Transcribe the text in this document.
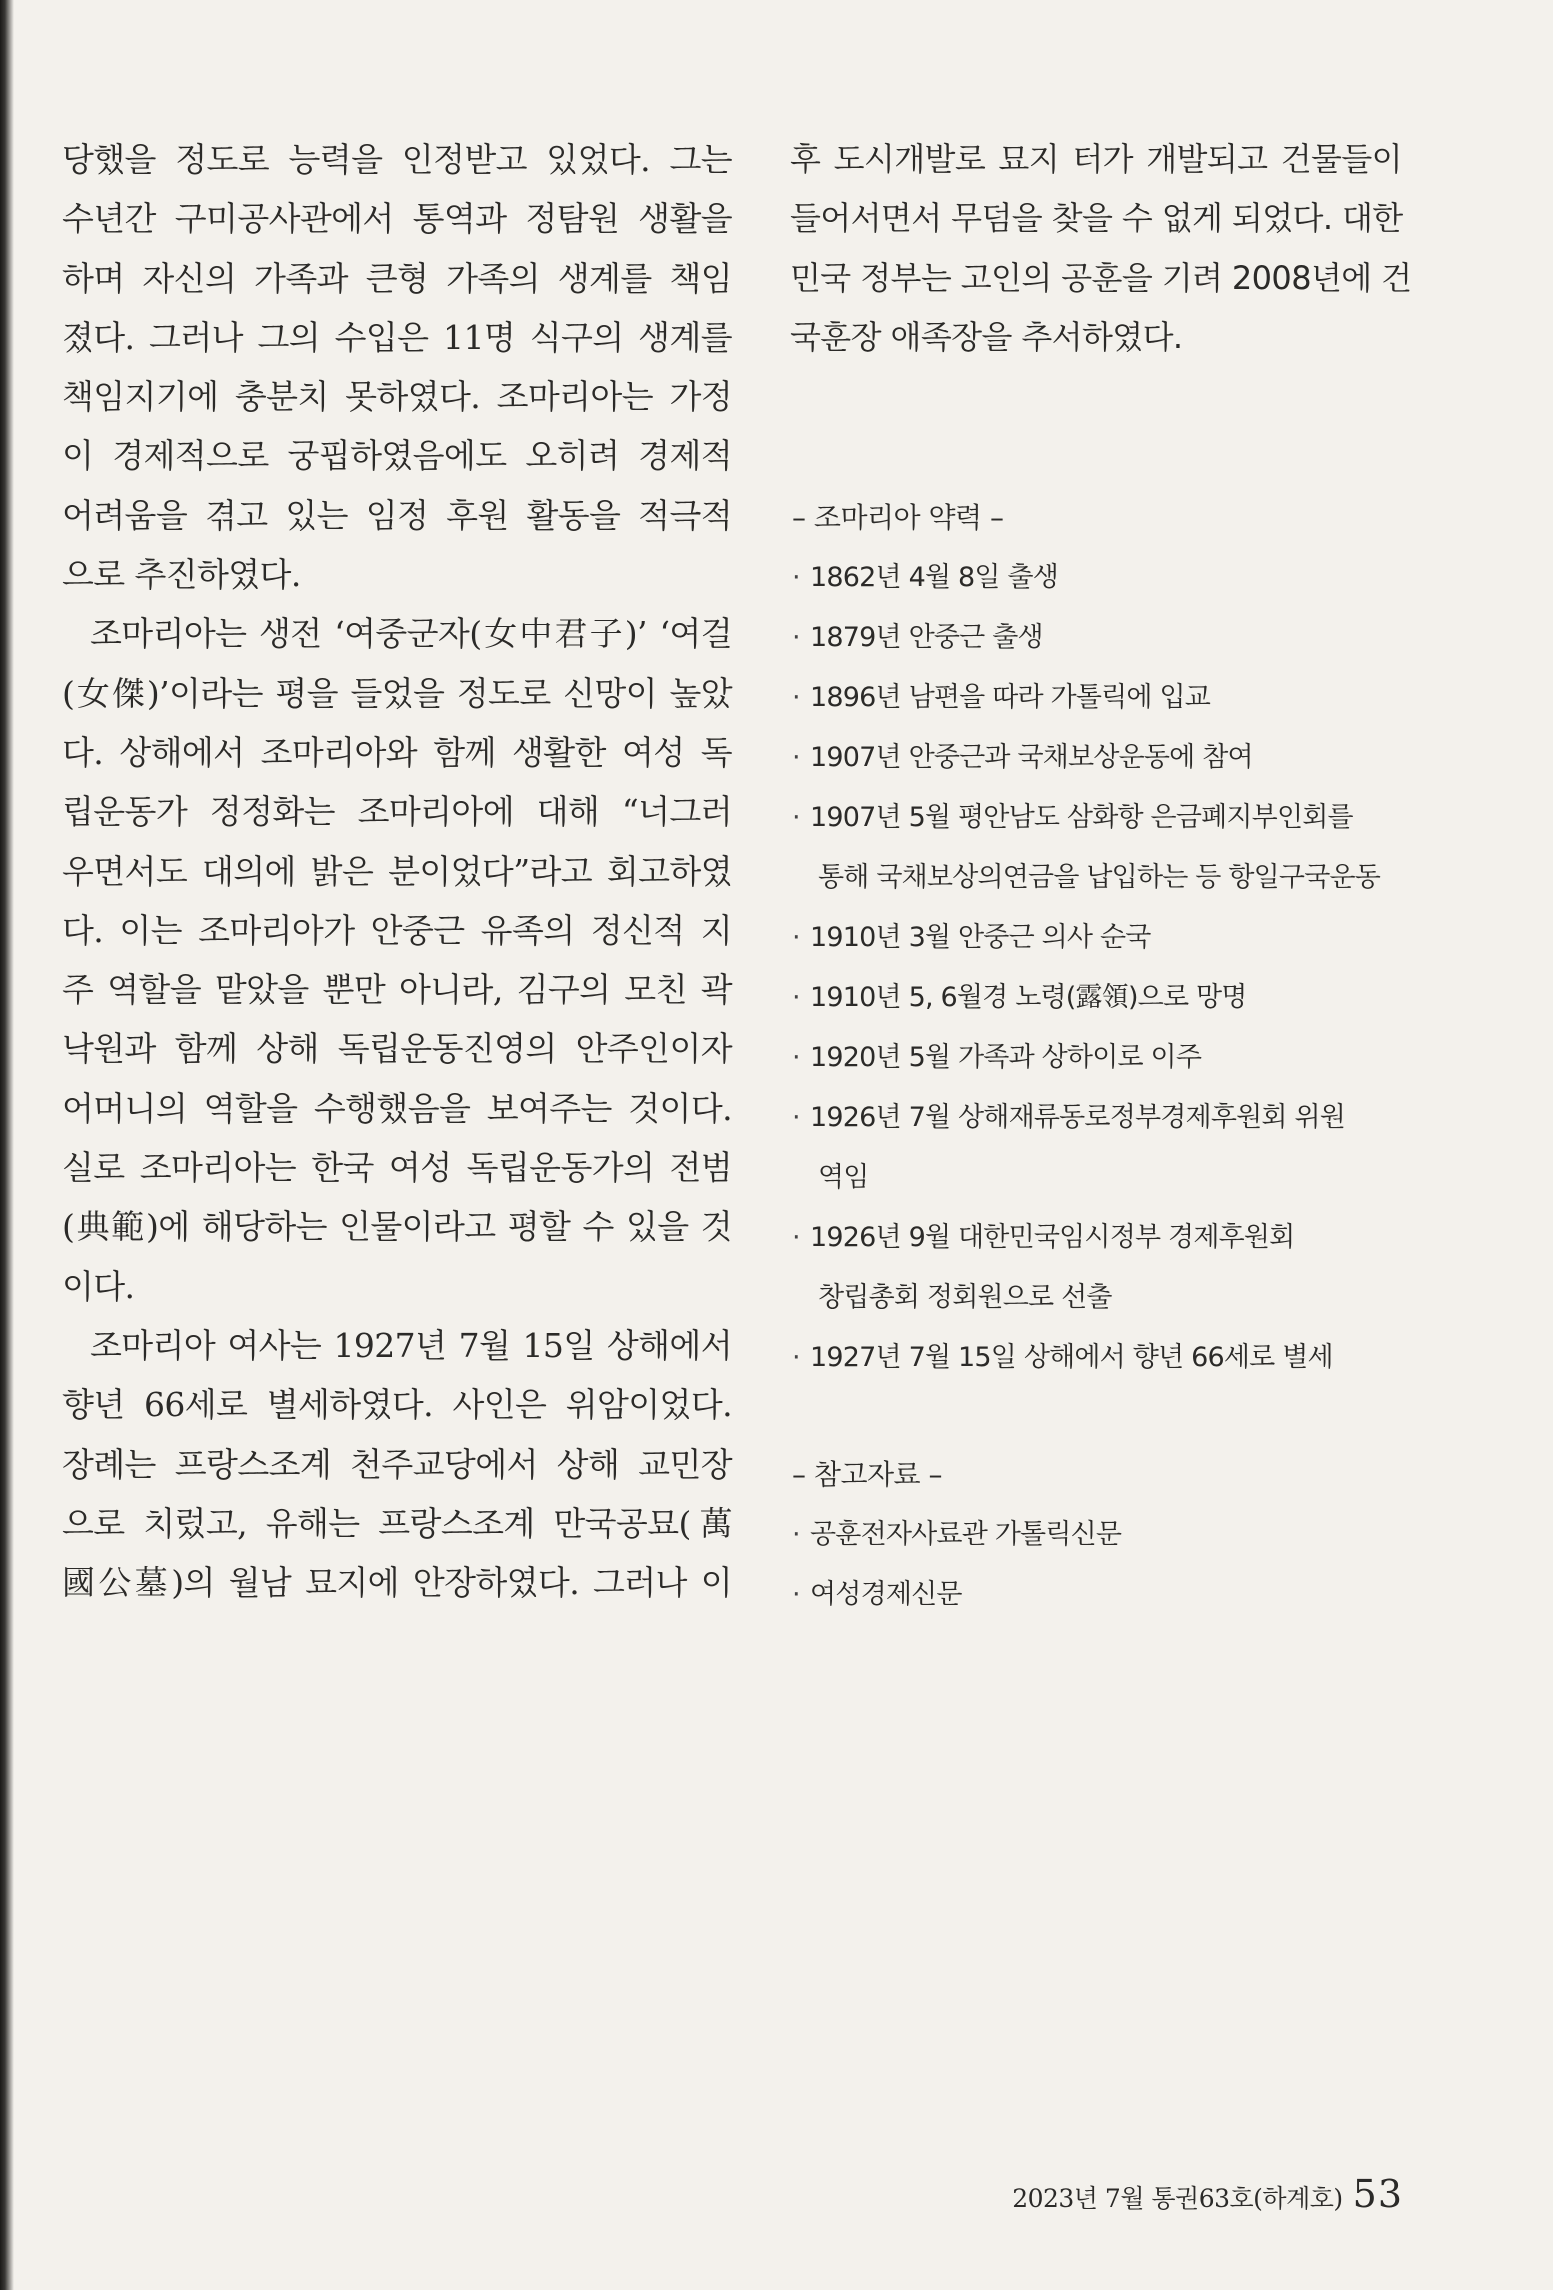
당했을 정도로 능력을 인정받고 있었다. 그는
수년간 구미공사관에서 통역과 정탐원 생활을
하며 자신의 가족과 큰형 가족의 생계를 책임
졌다. 그러나 그의 수입은 11명 식구의 생계를
책임지기에 충분치 못하였다. 조마리아는 가정
이 경제적으로 궁핍하였음에도 오히려 경제적
어려움을 겪고 있는 임정 후원 활동을 적극적
으로 추진하였다.
조마리아는 생전 ‘여중군자(女中君子)’ ‘여걸
(女傑)’이라는 평을 들었을 정도로 신망이 높았
다. 상해에서 조마리아와 함께 생활한 여성 독
립운동가 정정화는 조마리아에 대해 “너그러
우면서도 대의에 밝은 분이었다”라고 회고하였
다. 이는 조마리아가 안중근 유족의 정신적 지
주 역할을 맡았을 뿐만 아니라, 김구의 모친 곽
낙원과 함께 상해 독립운동진영의 안주인이자
어머니의 역할을 수행했음을 보여주는 것이다.
실로 조마리아는 한국 여성 독립운동가의 전범
(典範)에 해당하는 인물이라고 평할 수 있을 것
이다.
조마리아 여사는 1927년 7월 15일 상해에서
향년 66세로 별세하였다. 사인은 위암이었다.
장례는 프랑스조계 천주교당에서 상해 교민장
으로 치렀고, 유해는 프랑스조계 만국공묘(萬
國公墓)의 월남 묘지에 안장하였다. 그러나 이
후 도시개발로 묘지 터가 개발되고 건물들이
들어서면서 무덤을 찾을 수 없게 되었다. 대한
민국 정부는 고인의 공훈을 기려 2008년에 건
국훈장 애족장을 추서하였다.
– 조마리아 약력 –
· 1862년 4월 8일 출생
· 1879년 안중근 출생
· 1896년 남편을 따라 가톨릭에 입교
· 1907년 안중근과 국채보상운동에 참여
· 1907년 5월 평안남도 삼화항 은금폐지부인회를
통해 국채보상의연금을 납입하는 등 항일구국운동
· 1910년 3월 안중근 의사 순국
· 1910년 5, 6월경 노령(露領)으로 망명
· 1920년 5월 가족과 상하이로 이주
· 1926년 7월 상해재류동로정부경제후원회 위원
역임
· 1926년 9월 대한민국임시정부 경제후원회
창립총회 정회원으로 선출
· 1927년 7월 15일 상해에서 향년 66세로 별세
– 참고자료 –
· 공훈전자사료관 가톨릭신문
· 여성경제신문
2023년 7월 통권63호(하계호) 53
